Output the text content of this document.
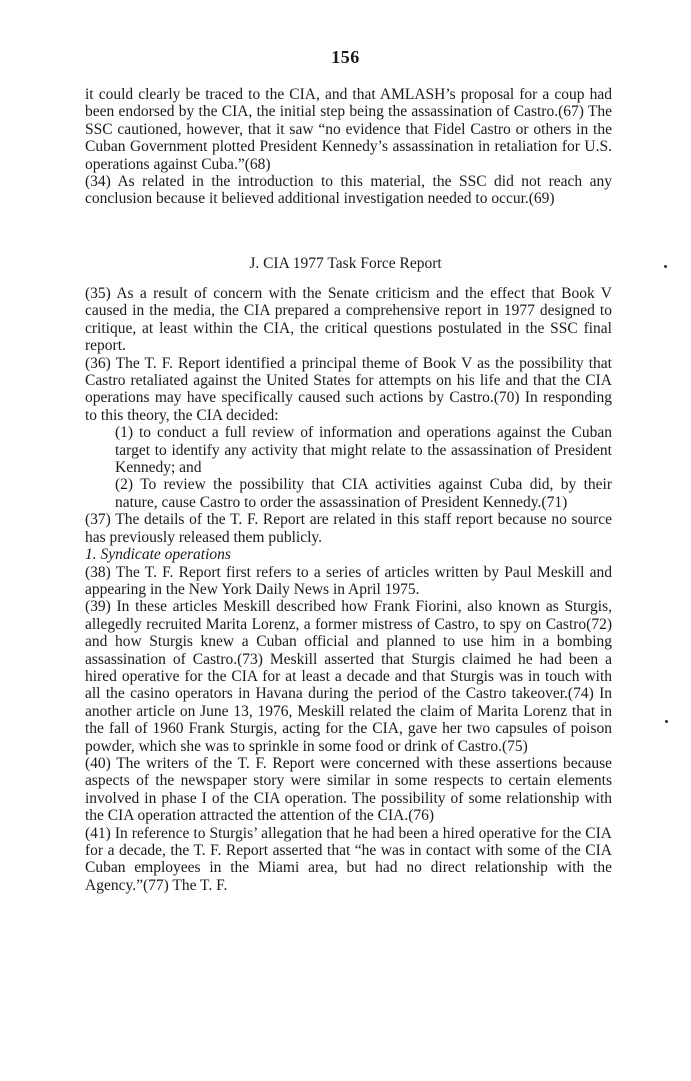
156

it could clearly be traced to the CIA, and that AMLASH’s proposal for a coup had been endorsed by the CIA, the initial step being the assassination of Castro.(67) The SSC cautioned, however, that it saw “no evidence that Fidel Castro or others in the Cuban Government plotted President Kennedy’s assassination in retaliation for U.S. operations against Cuba.”(68)

(34) As related in the introduction to this material, the SSC did not reach any conclusion because it believed additional investigation needed to occur.(69)

J. CIA 1977 Task Force Report

(35) As a result of concern with the Senate criticism and the effect that Book V caused in the media, the CIA prepared a comprehensive report in 1977 designed to critique, at least within the CIA, the critical questions postulated in the SSC final report.

(36) The T. F. Report identified a principal theme of Book V as the possibility that Castro retaliated against the United States for attempts on his life and that the CIA operations may have specifically caused such actions by Castro.(70) In responding to this theory, the CIA decided:

(1) to conduct a full review of information and operations against the Cuban target to identify any activity that might relate to the assassination of President Kennedy; and

(2) To review the possibility that CIA activities against Cuba did, by their nature, cause Castro to order the assassination of President Kennedy.(71)

(37) The details of the T. F. Report are related in this staff report because no source has previously released them publicly.

1. Syndicate operations

(38) The T. F. Report first refers to a series of articles written by Paul Meskill and appearing in the New York Daily News in April 1975.

(39) In these articles Meskill described how Frank Fiorini, also known as Sturgis, allegedly recruited Marita Lorenz, a former mistress of Castro, to spy on Castro(72) and how Sturgis knew a Cuban official and planned to use him in a bombing assassination of Castro.(73) Meskill asserted that Sturgis claimed he had been a hired operative for the CIA for at least a decade and that Sturgis was in touch with all the casino operators in Havana during the period of the Castro takeover.(74) In another article on June 13, 1976, Meskill related the claim of Marita Lorenz that in the fall of 1960 Frank Sturgis, acting for the CIA, gave her two capsules of poison powder, which she was to sprinkle in some food or drink of Castro.(75)

(40) The writers of the T. F. Report were concerned with these assertions because aspects of the newspaper story were similar in some respects to certain elements involved in phase I of the CIA operation. The possibility of some relationship with the CIA operation attracted the attention of the CIA.(76)

(41) In reference to Sturgis’ allegation that he had been a hired operative for the CIA for a decade, the T. F. Report asserted that “he was in contact with some of the CIA Cuban employees in the Miami area, but had no direct relationship with the Agency.”(77) The T. F.
